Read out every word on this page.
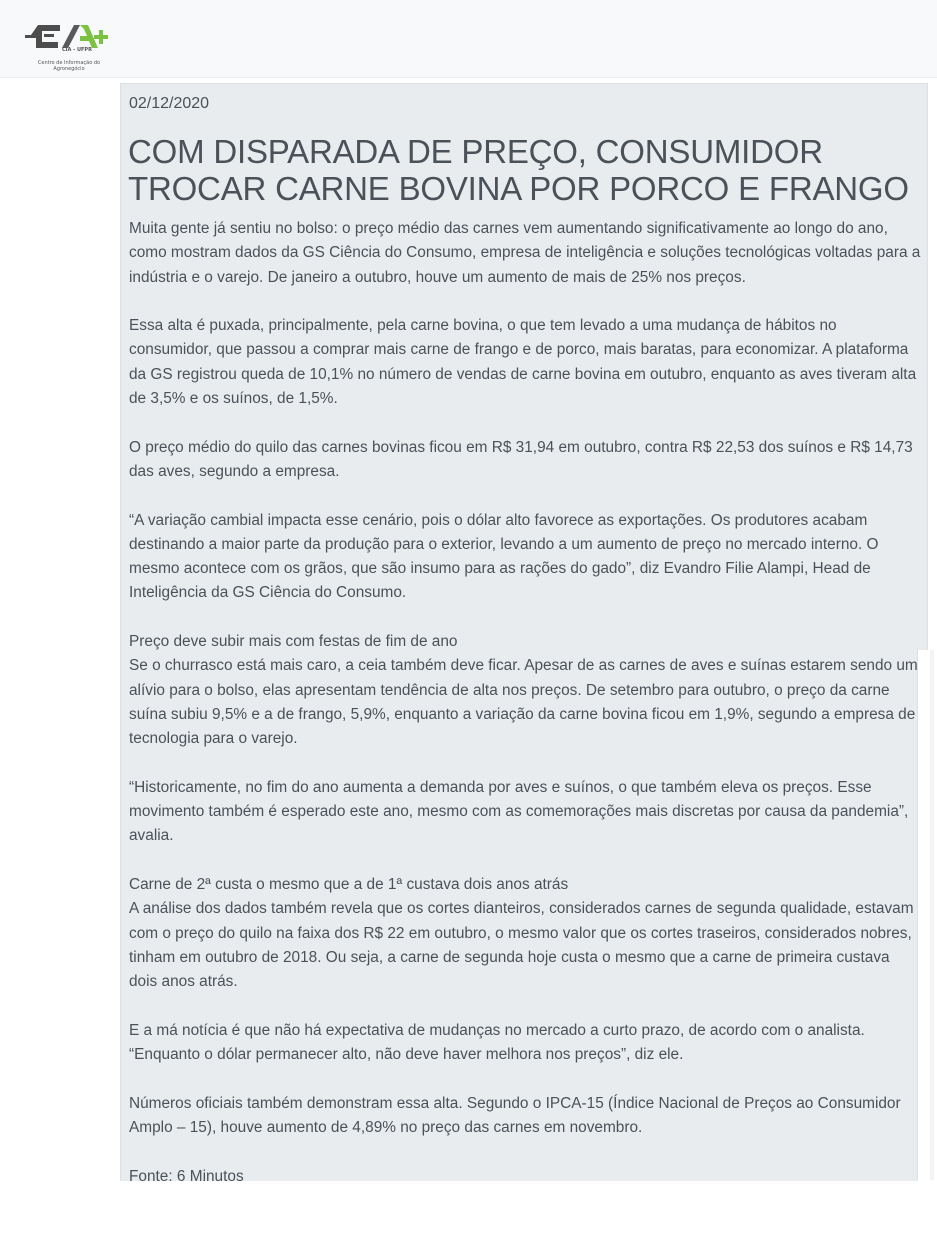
CIA - UFPR
Centro de Informação do Agronegócio
02/12/2020
COM DISPARADA DE PREÇO, CONSUMIDOR TROCAR CARNE BOVINA POR PORCO E FRANGO

Muita gente já sentiu no bolso: o preço médio das carnes vem aumentando significativamente ao longo do ano, como mostram dados da GS Ciência do Consumo, empresa de inteligência e soluções tecnológicas voltadas para a indústria e o varejo. De janeiro a outubro, houve um aumento de mais de 25% nos preços.

Essa alta é puxada, principalmente, pela carne bovina, o que tem levado a uma mudança de hábitos no consumidor, que passou a comprar mais carne de frango e de porco, mais baratas, para economizar. A plataforma da GS registrou queda de 10,1% no número de vendas de carne bovina em outubro, enquanto as aves tiveram alta de 3,5% e os suínos, de 1,5%.

O preço médio do quilo das carnes bovinas ficou em R$ 31,94 em outubro, contra R$ 22,53 dos suínos e R$ 14,73 das aves, segundo a empresa.

“A variação cambial impacta esse cenário, pois o dólar alto favorece as exportações. Os produtores acabam destinando a maior parte da produção para o exterior, levando a um aumento de preço no mercado interno. O mesmo acontece com os grãos, que são insumo para as rações do gado”, diz Evandro Filie Alampi, Head de Inteligência da GS Ciência do Consumo.

Preço deve subir mais com festas de fim de ano

Se o churrasco está mais caro, a ceia também deve ficar. Apesar de as carnes de aves e suínas estarem sendo um alívio para o bolso, elas apresentam tendência de alta nos preços. De setembro para outubro, o preço da carne suína subiu 9,5% e a de frango, 5,9%, enquanto a variação da carne bovina ficou em 1,9%, segundo a empresa de tecnologia para o varejo.

“Historicamente, no fim do ano aumenta a demanda por aves e suínos, o que também eleva os preços. Esse movimento também é esperado este ano, mesmo com as comemorações mais discretas por causa da pandemia”, avalia.

Carne de 2ª custa o mesmo que a de 1ª custava dois anos atrás

A análise dos dados também revela que os cortes dianteiros, considerados carnes de segunda qualidade, estavam com o preço do quilo na faixa dos R$ 22 em outubro, o mesmo valor que os cortes traseiros, considerados nobres, tinham em outubro de 2018. Ou seja, a carne de segunda hoje custa o mesmo que a carne de primeira custava dois anos atrás.

E a má notícia é que não há expectativa de mudanças no mercado a curto prazo, de acordo com o analista.

“Enquanto o dólar permanecer alto, não deve haver melhora nos preços”, diz ele.

Números oficiais também demonstram essa alta. Segundo o IPCA-15 (Índice Nacional de Preços ao Consumidor Amplo – 15), houve aumento de 4,89% no preço das carnes em novembro.

Fonte: 6 Minutos
